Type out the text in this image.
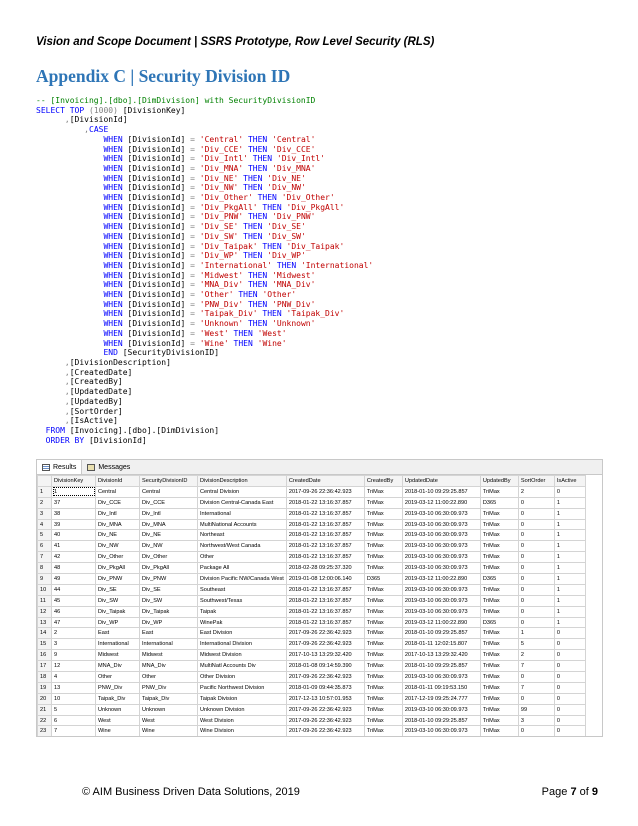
Vision and Scope Document | SSRS Prototype, Row Level Security (RLS)
Appendix C | Security Division ID
-- [Invoicing].[dbo].[DimDivision] with SecurityDivisionID
SELECT TOP (1000) [DivisionKey]
,[DivisionId]
,CASE
WHEN [DivisionId] = 'Central' THEN 'Central'
WHEN [DivisionId] = 'Div_CCE' THEN 'Div_CCE'
WHEN [DivisionId] = 'Div_Intl' THEN 'Div_Intl'
WHEN [DivisionId] = 'Div_MNA' THEN 'Div_MNA'
WHEN [DivisionId] = 'Div_NE' THEN 'Div_NE'
WHEN [DivisionId] = 'Div_NW' THEN 'Div_NW'
WHEN [DivisionId] = 'Div_Other' THEN 'Div_Other'
WHEN [DivisionId] = 'Div_PkgAll' THEN 'Div_PkgAll'
WHEN [DivisionId] = 'Div_PNW' THEN 'Div_PNW'
WHEN [DivisionId] = 'Div_SE' THEN 'Div_SE'
WHEN [DivisionId] = 'Div_SW' THEN 'Div_SW'
WHEN [DivisionId] = 'Div_Taipak' THEN 'Div_Taipak'
WHEN [DivisionId] = 'Div_WP' THEN 'Div_WP'
WHEN [DivisionId] = 'International' THEN 'International'
WHEN [DivisionId] = 'Midwest' THEN 'Midwest'
WHEN [DivisionId] = 'MNA_Div' THEN 'MNA_Div'
WHEN [DivisionId] = 'Other' THEN 'Other'
WHEN [DivisionId] = 'PNW_Div' THEN 'PNW_Div'
WHEN [DivisionId] = 'Taipak_Div' THEN 'Taipak_Div'
WHEN [DivisionId] = 'Unknown' THEN 'Unknown'
WHEN [DivisionId] = 'West' THEN 'West'
WHEN [DivisionId] = 'Wine' THEN 'Wine'
END [SecurityDivisionID]
,[DivisionDescription]
,[CreatedDate]
,[CreatedBy]
,[UpdatedDate]
,[UpdatedBy]
,[SortOrder]
,[IsActive]
FROM [Invoicing].[dbo].[DimDivision]
ORDER BY [DivisionId]
Results	Messages
	DivisionKey	DivisionId	SecurityDivisionID	DivisionDescription	CreatedDate	CreatedBy	UpdatedDate	UpdatedBy	SortOrder	IsActive
1	1	Central	Central	Central Division	2017-09-26 22:36:42.923	TriMax	2018-01-10 09:29:25.857	TriMax	2	0
2	37	Div_CCE	Div_CCE	Division Central-Canada East	2018-01-22 13:16:37.857	TriMax	2019-03-12 11:00:22.890	D365	0	1
3	38	Div_Intl	Div_Intl	International	2018-01-22 13:16:37.857	TriMax	2019-03-10 06:30:09.973	TriMax	0	1
4	39	Div_MNA	Div_MNA	MultiNational Accounts	2018-01-22 13:16:37.857	TriMax	2019-03-10 06:30:09.973	TriMax	0	1
5	40	Div_NE	Div_NE	Northeast	2018-01-22 13:16:37.857	TriMax	2019-03-10 06:30:09.973	TriMax	0	1
6	41	Div_NW	Div_NW	Northwest/West Canada	2018-01-22 13:16:37.857	TriMax	2019-03-10 06:30:09.973	TriMax	0	1
7	42	Div_Other	Div_Other	Other	2018-01-22 13:16:37.857	TriMax	2019-03-10 06:30:09.973	TriMax	0	1
8	48	Div_PkgAll	Div_PkgAll	Package All	2018-02-28 09:25:37.320	TriMax	2019-03-10 06:30:09.973	TriMax	0	1
9	49	Div_PNW	Div_PNW	Division Pacific NW/Canada West	2019-01-08 12:00:06.140	D365	2019-03-12 11:00:22.890	D365	0	1
10	44	Div_SE	Div_SE	Southeast	2018-01-22 13:16:37.857	TriMax	2019-03-10 06:30:09.973	TriMax	0	1
11	45	Div_SW	Div_SW	Southwest/Texas	2018-01-22 13:16:37.857	TriMax	2019-03-10 06:30:09.973	TriMax	0	1
12	46	Div_Taipak	Div_Taipak	Taipak	2018-01-22 13:16:37.857	TriMax	2019-03-10 06:30:09.973	TriMax	0	1
13	47	Div_WP	Div_WP	WinePak	2018-01-22 13:16:37.857	TriMax	2019-03-12 11:00:22.890	D365	0	1
14	2	East	East	East Division	2017-09-26 22:36:42.923	TriMax	2018-01-10 09:29:25.857	TriMax	1	0
15	3	International	International	International Division	2017-09-26 22:36:42.923	TriMax	2018-01-11 12:02:15.807	TriMax	5	0
16	9	Midwest	Midwest	Midwest Division	2017-10-13 13:29:32.420	TriMax	2017-10-13 13:29:32.420	TriMax	2	0
17	12	MNA_Div	MNA_Div	MultiNatl Accounts Div	2018-01-08 09:14:59.390	TriMax	2018-01-10 09:29:25.857	TriMax	7	0
18	4	Other	Other	Other Division	2017-09-26 22:36:42.923	TriMax	2019-03-10 06:30:09.973	TriMax	0	0
19	13	PNW_Div	PNW_Div	Pacific Northwest Division	2018-01-09 09:44:35.873	TriMax	2018-01-11 09:19:53.150	TriMax	7	0
20	10	Taipak_Div	Taipak_Div	Taipak Division	2017-12-13 10:57:01.953	TriMax	2017-12-19 09:25:24.777	TriMax	0	0
21	5	Unknown	Unknown	Unknown Division	2017-09-26 22:36:42.923	TriMax	2019-03-10 06:30:09.973	TriMax	99	0
22	6	West	West	West Division	2017-09-26 22:36:42.923	TriMax	2018-01-10 09:29:25.857	TriMax	3	0
23	7	Wine	Wine	Wine Division	2017-09-26 22:36:42.923	TriMax	2019-03-10 06:30:09.973	TriMax	0	0
© AIM Business Driven Data Solutions, 2019	Page 7 of 9
